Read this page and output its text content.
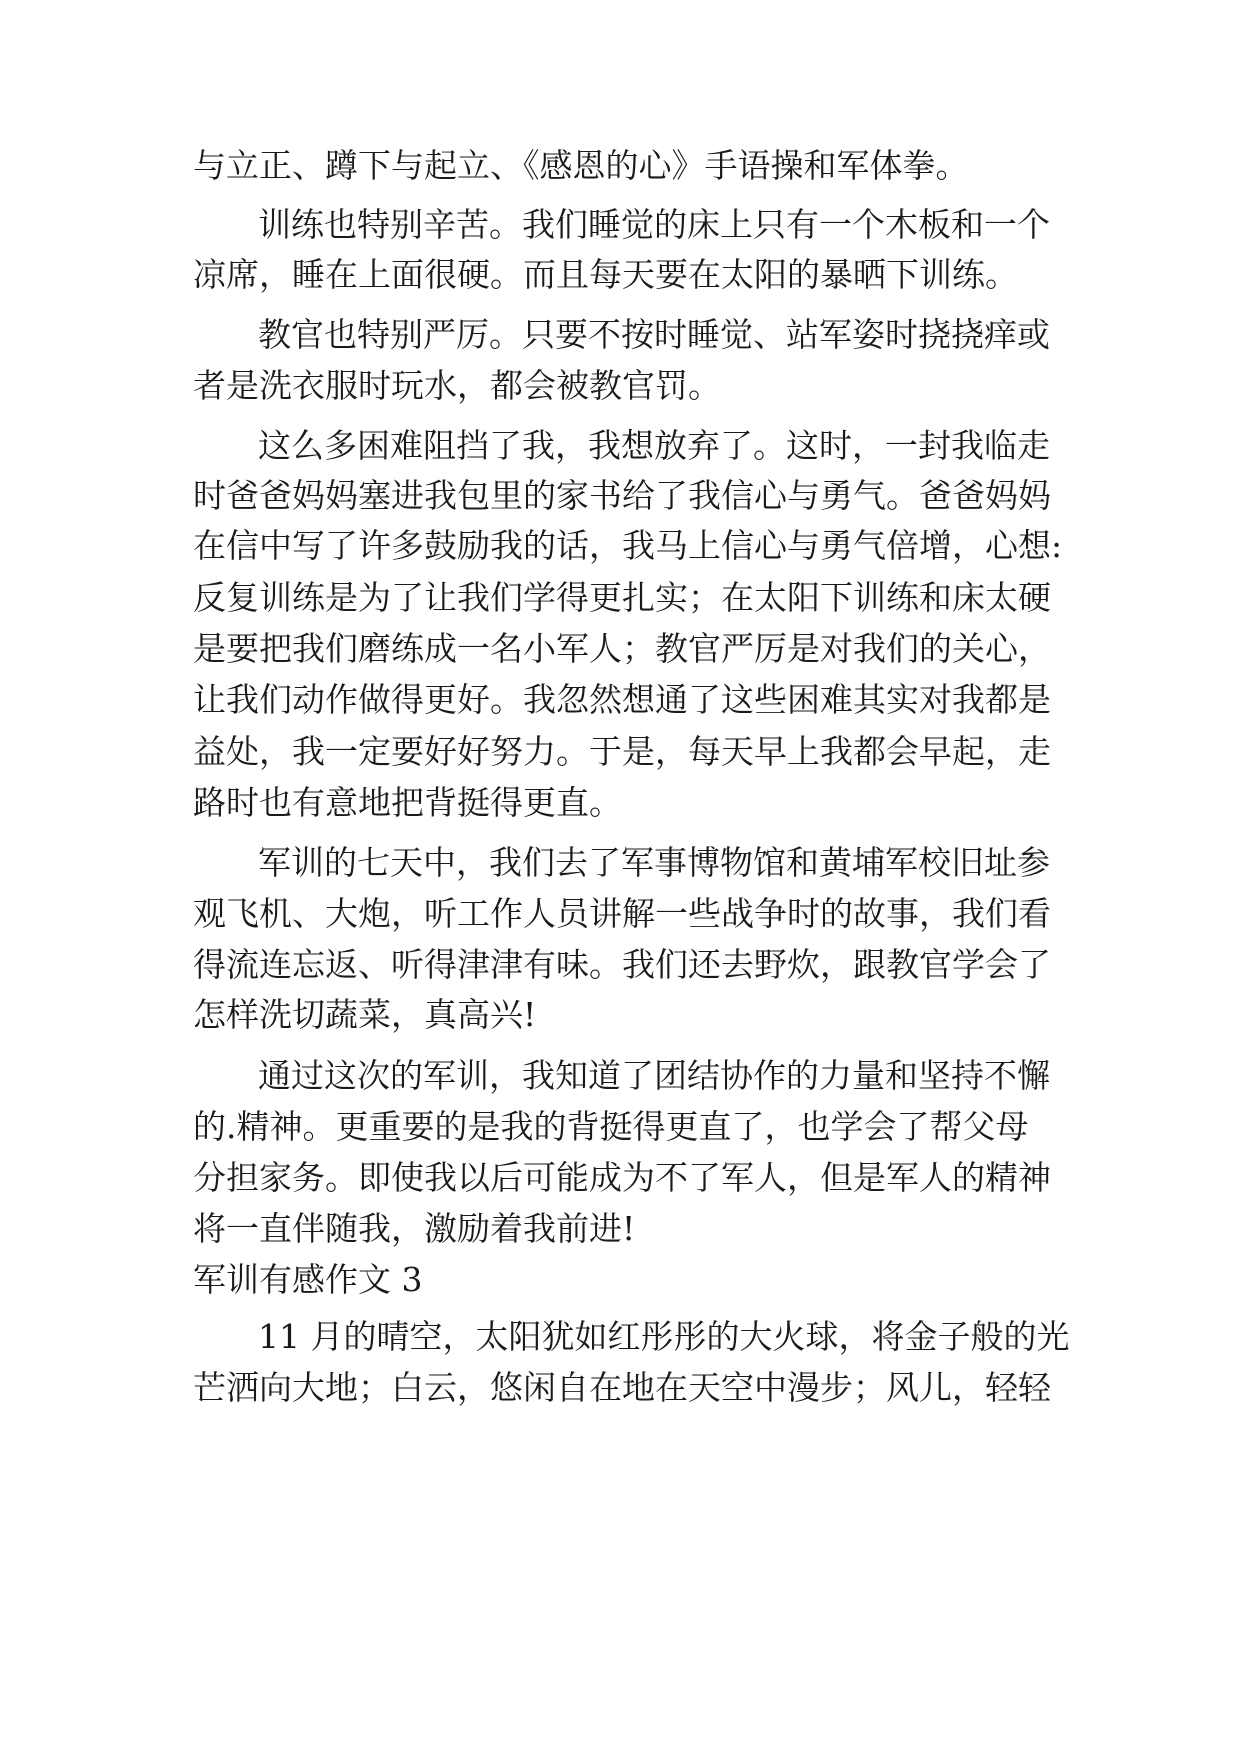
与立正、蹲下与起立、《感恩的心》手语操和军体拳。
训练也特别辛苦。我们睡觉的床上只有一个木板和一个
凉席，睡在上面很硬。而且每天要在太阳的暴晒下训练。
教官也特别严厉。只要不按时睡觉、站军姿时挠挠痒或
者是洗衣服时玩水，都会被教官罚。
这么多困难阻挡了我，我想放弃了。这时，一封我临走
时爸爸妈妈塞进我包里的家书给了我信心与勇气。爸爸妈妈
在信中写了许多鼓励我的话，我马上信心与勇气倍增，心想:
反复训练是为了让我们学得更扎实；在太阳下训练和床太硬
是要把我们磨练成一名小军人；教官严厉是对我们的关心，
让我们动作做得更好。我忽然想通了这些困难其实对我都是
益处，我一定要好好努力。于是，每天早上我都会早起，走
路时也有意地把背挺得更直。
军训的七天中，我们去了军事博物馆和黄埔军校旧址参
观飞机、大炮，听工作人员讲解一些战争时的故事，我们看
得流连忘返、听得津津有味。我们还去野炊，跟教官学会了
怎样洗切蔬菜，真高兴!
通过这次的军训，我知道了团结协作的力量和坚持不懈
的.精神。更重要的是我的背挺得更直了，也学会了帮父母
分担家务。即使我以后可能成为不了军人，但是军人的精神
将一直伴随我，激励着我前进!
军训有感作文 3
11 月的晴空，太阳犹如红彤彤的大火球，将金子般的光
芒洒向大地；白云，悠闲自在地在天空中漫步；风儿，轻轻
